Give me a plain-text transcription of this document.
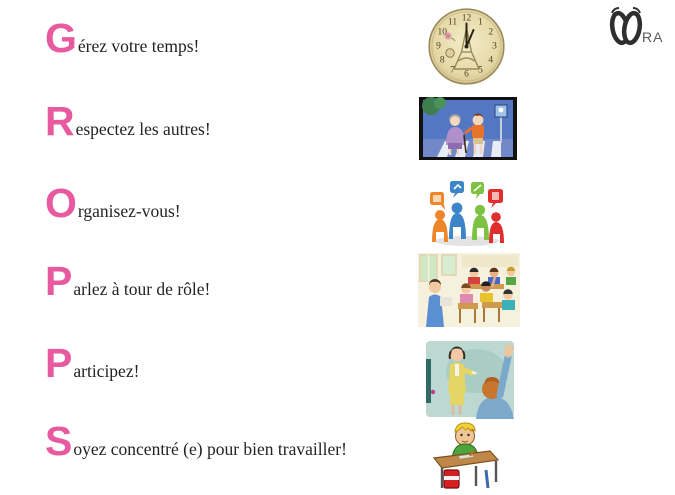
G érez votre temps!
R espectez les autres!
O rganisez-vous!
P arlez à tour de rôle!
P articipez!
S oyez concentré (e) pour bien travailler!
12 1
2
3
4
5
6
7
8
9
10
11
RA
